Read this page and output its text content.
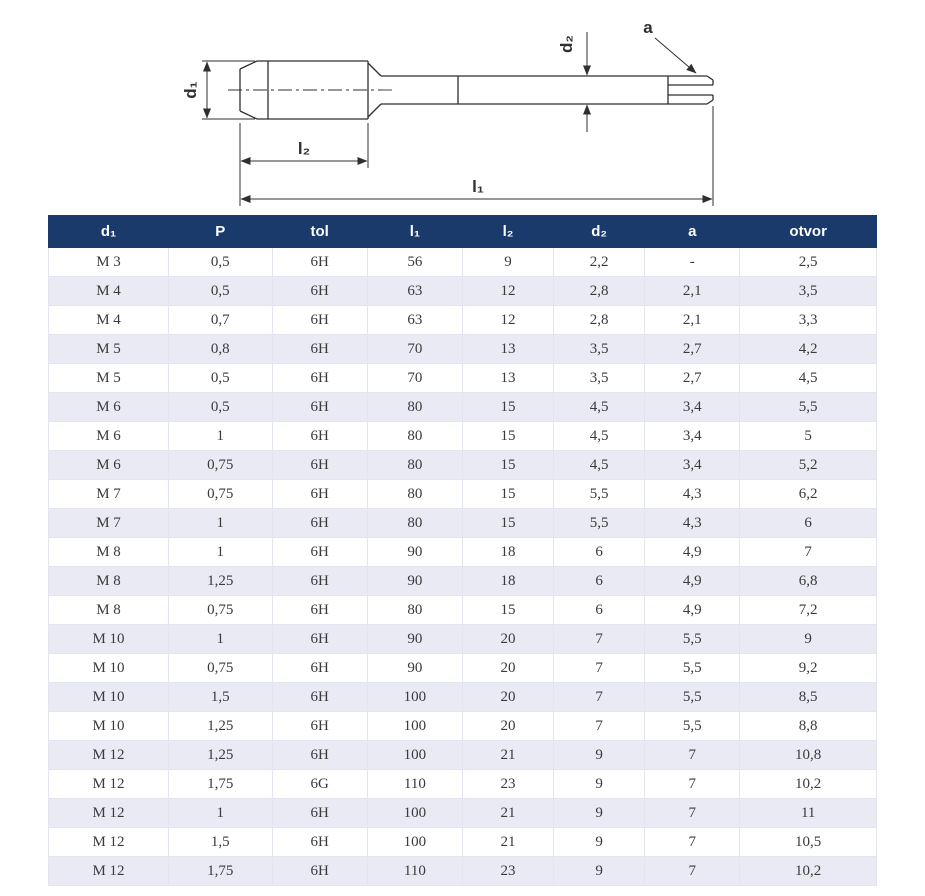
d₁
l₂
l₁
d₂
a
d₁	P	tol	l₁	l₂	d₂	a	otvor
M 3	0,5	6H	56	9	2,2	-	2,5
M 4	0,5	6H	63	12	2,8	2,1	3,5
M 4	0,7	6H	63	12	2,8	2,1	3,3
M 5	0,8	6H	70	13	3,5	2,7	4,2
M 5	0,5	6H	70	13	3,5	2,7	4,5
M 6	0,5	6H	80	15	4,5	3,4	5,5
M 6	1	6H	80	15	4,5	3,4	5
M 6	0,75	6H	80	15	4,5	3,4	5,2
M 7	0,75	6H	80	15	5,5	4,3	6,2
M 7	1	6H	80	15	5,5	4,3	6
M 8	1	6H	90	18	6	4,9	7
M 8	1,25	6H	90	18	6	4,9	6,8
M 8	0,75	6H	80	15	6	4,9	7,2
M 10	1	6H	90	20	7	5,5	9
M 10	0,75	6H	90	20	7	5,5	9,2
M 10	1,5	6H	100	20	7	5,5	8,5
M 10	1,25	6H	100	20	7	5,5	8,8
M 12	1,25	6H	100	21	9	7	10,8
M 12	1,75	6G	110	23	9	7	10,2
M 12	1	6H	100	21	9	7	11
M 12	1,5	6H	100	21	9	7	10,5
M 12	1,75	6H	110	23	9	7	10,2
